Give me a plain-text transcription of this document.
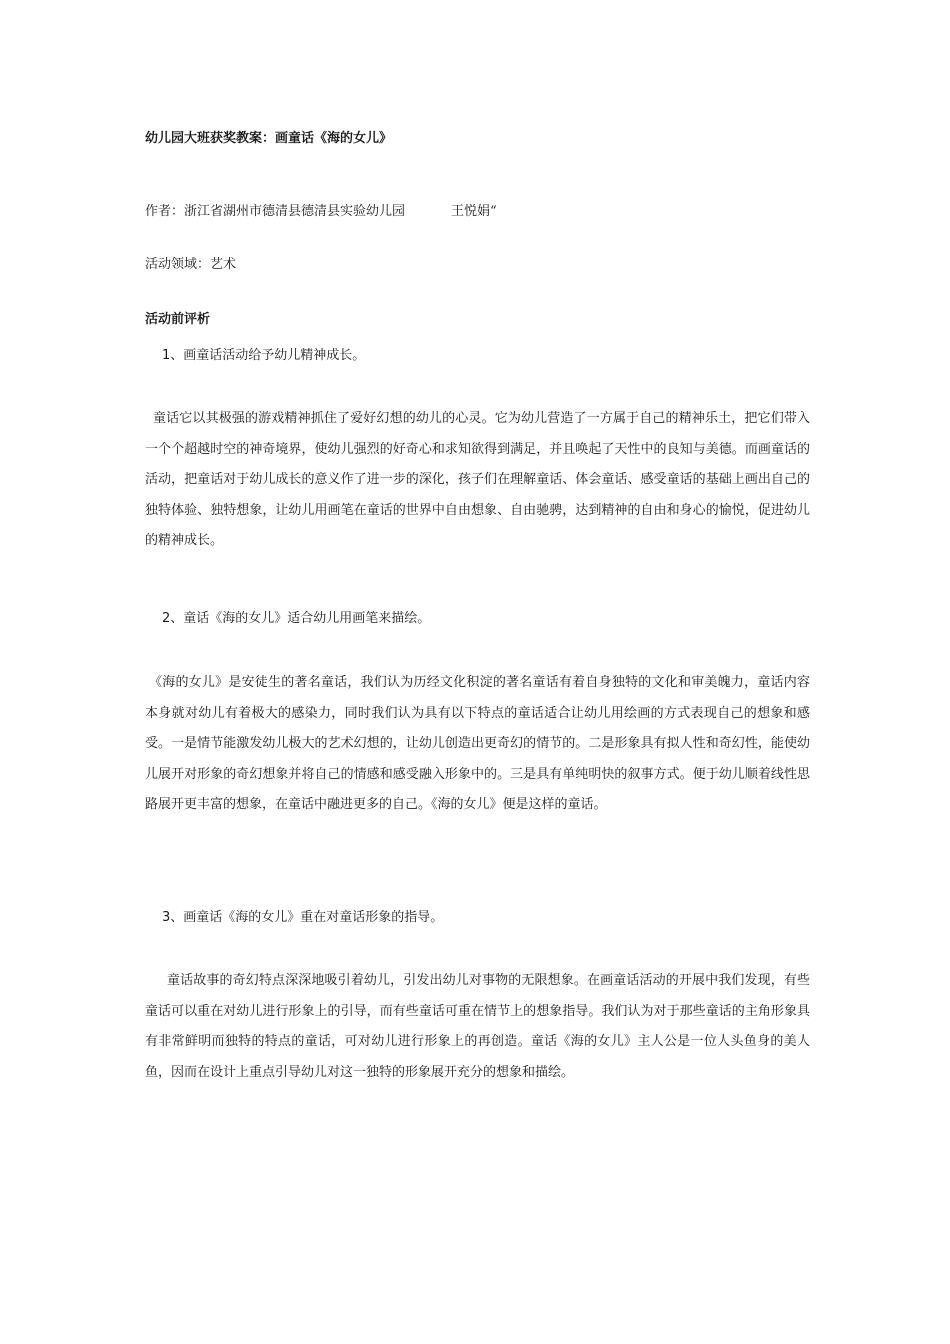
幼儿园大班获奖教案：画童话《海的女儿》
作者：浙江省湖州市德清县德清县实验幼儿园	王悦娟“
活动领域：艺术
活动前评析
1、画童话活动给予幼儿精神成长。

童话它以其极强的游戏精神抓住了爱好幻想的幼儿的心灵。它为幼儿营造了一方属于自己的精神乐土，把它们带入一个个超越时空的神奇境界，使幼儿强烈的好奇心和求知欲得到满足，并且唤起了天性中的良知与美德。而画童话的活动，把童话对于幼儿成长的意义作了进一步的深化，孩子们在理解童话、体会童话、感受童话的基础上画出自己的独特体验、独特想象，让幼儿用画笔在童话的世界中自由想象、自由驰骋，达到精神的自由和身心的愉悦，促进幼儿的精神成长。

2、童话《海的女儿》适合幼儿用画笔来描绘。

《海的女儿》是安徒生的著名童话，我们认为历经文化积淀的著名童话有着自身独特的文化和审美魄力，童话内容本身就对幼儿有着极大的感染力，同时我们认为具有以下特点的童话适合让幼儿用绘画的方式表现自己的想象和感受。一是情节能激发幼儿极大的艺术幻想的，让幼儿创造出更奇幻的情节的。二是形象具有拟人性和奇幻性，能使幼儿展开对形象的奇幻想象并将自己的情感和感受融入形象中的。三是具有单纯明快的叙事方式。便于幼儿顺着线性思路展开更丰富的想象，在童话中融进更多的自己。《海的女儿》便是这样的童话。

3、画童话《海的女儿》重在对童话形象的指导。

童话故事的奇幻特点深深地吸引着幼儿，引发出幼儿对事物的无限想象。在画童话活动的开展中我们发现，有些童话可以重在对幼儿进行形象上的引导，而有些童话可重在情节上的想象指导。我们认为对于那些童话的主角形象具有非常鲜明而独特的特点的童话，可对幼儿进行形象上的再创造。童话《海的女儿》主人公是一位人头鱼身的美人鱼，因而在设计上重点引导幼儿对这一独特的形象展开充分的想象和描绘。
